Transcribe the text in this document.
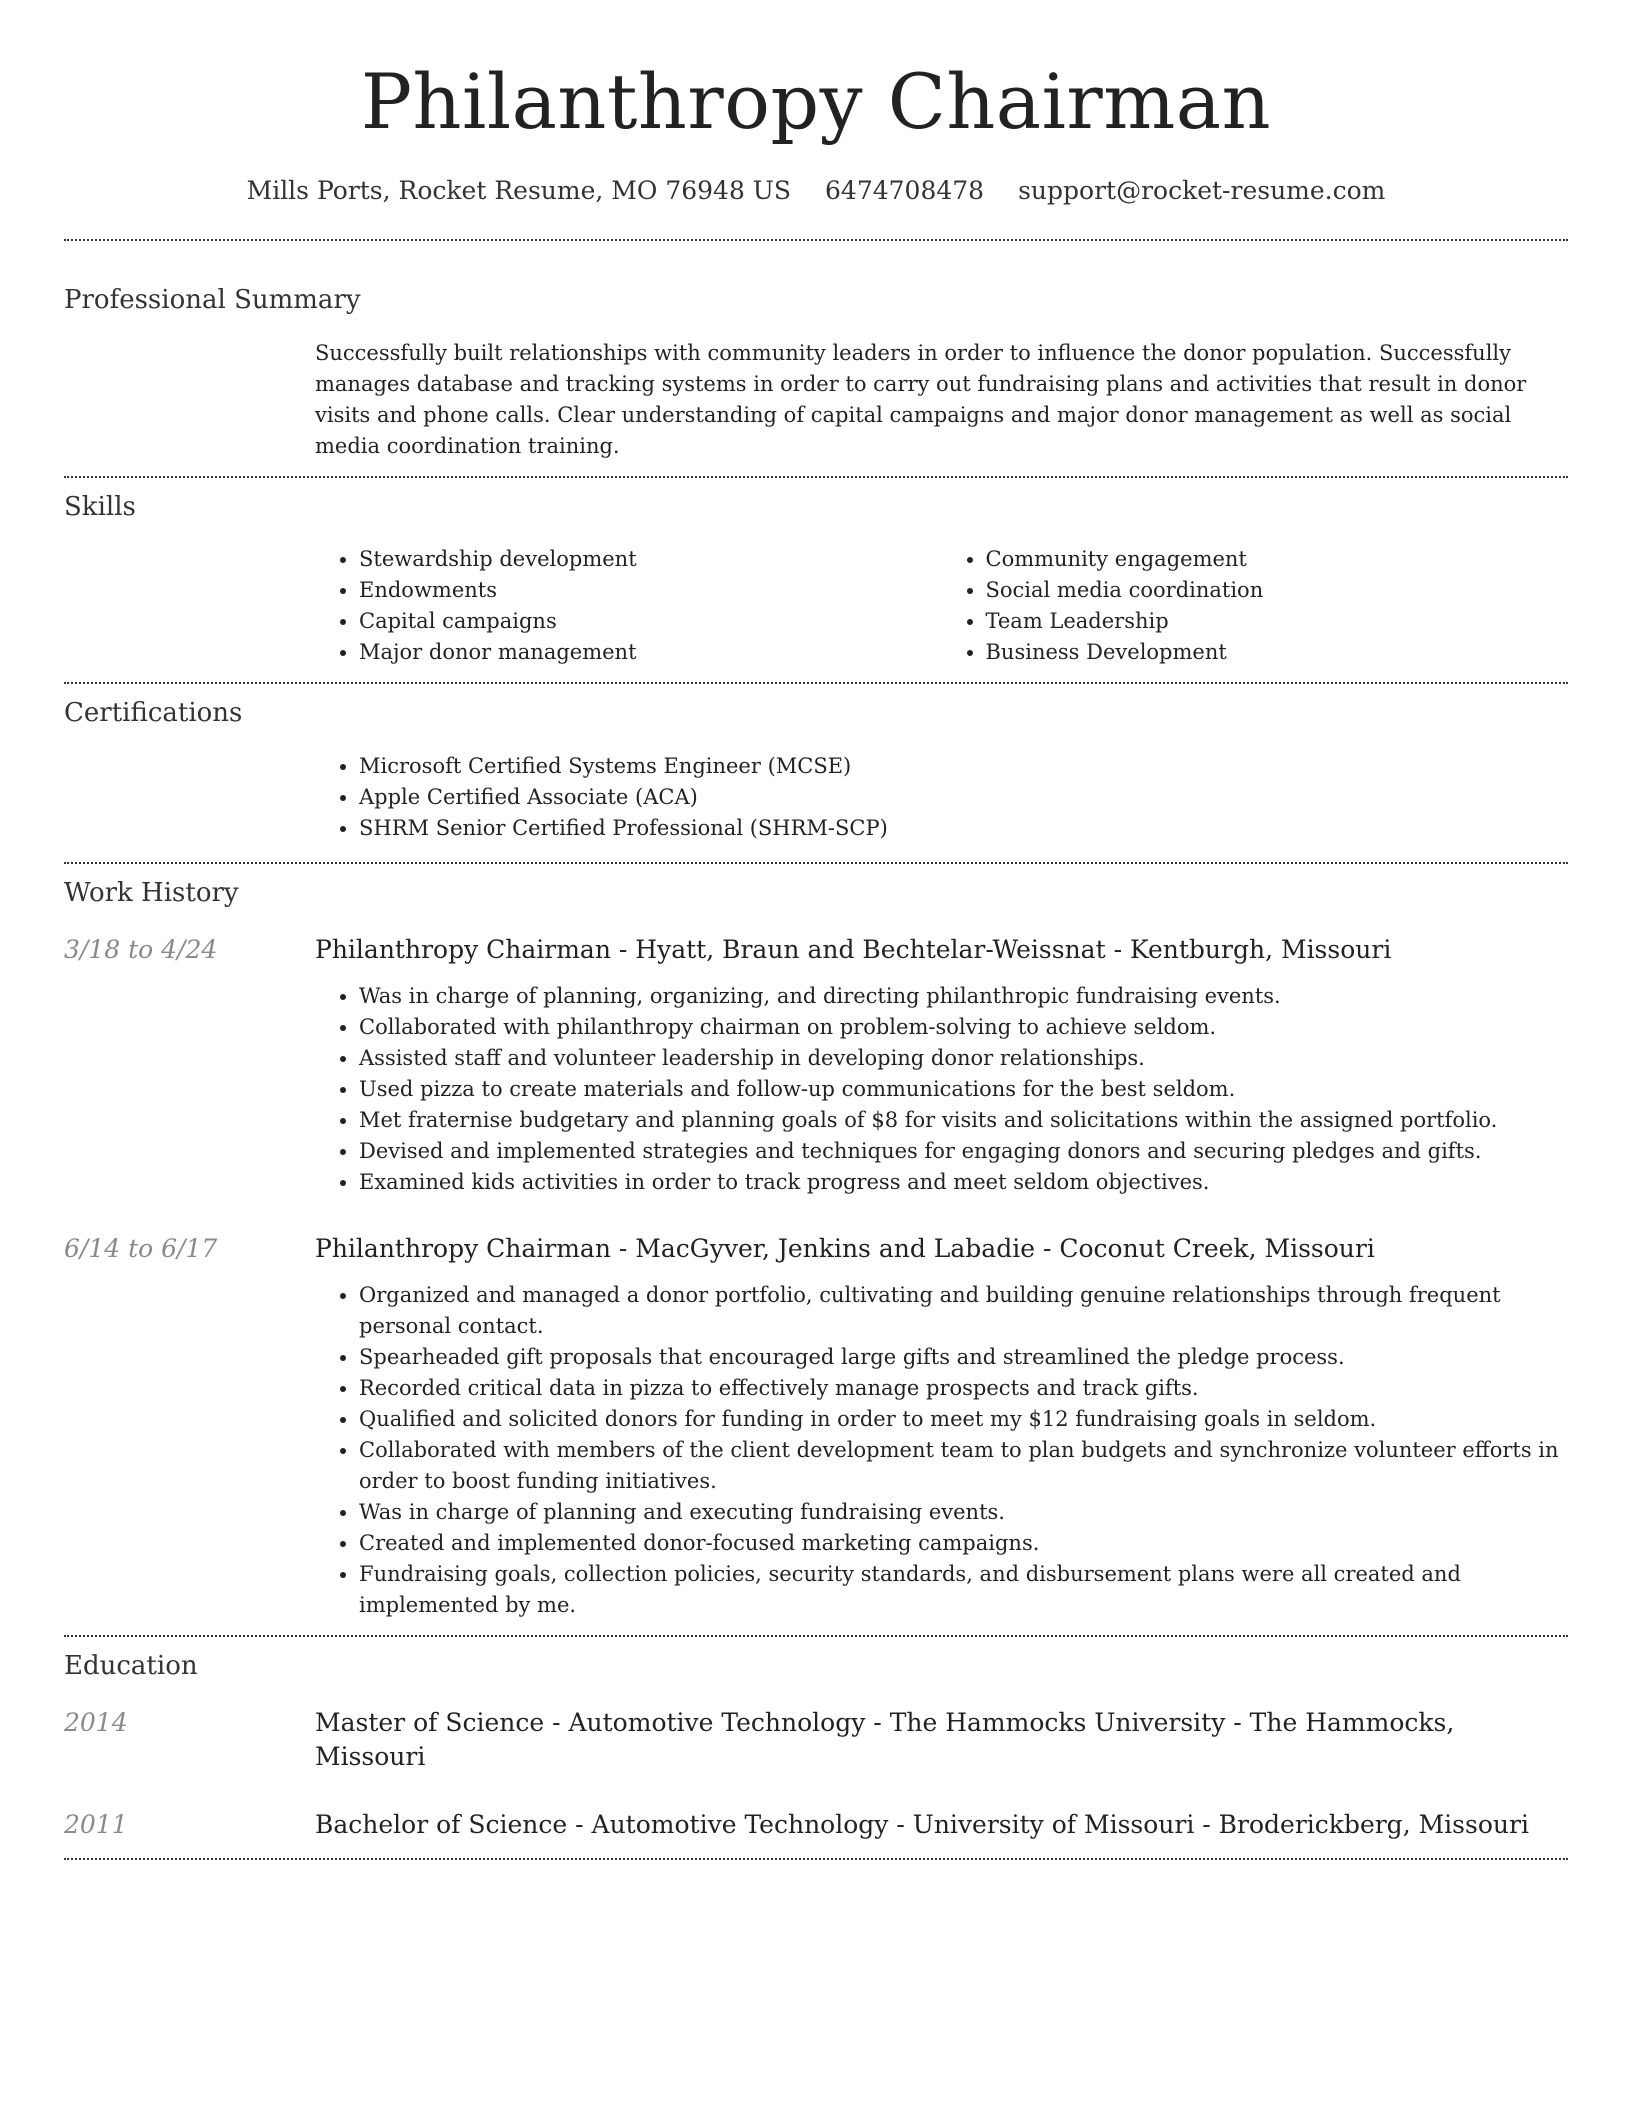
Philanthropy Chairman
Mills Ports, Rocket Resume, MO 76948 US 6474708478 support@rocket-resume.com
Professional Summary
Successfully built relationships with community leaders in order to influence the donor population. Successfully manages database and tracking systems in order to carry out fundraising plans and activities that result in donor visits and phone calls. Clear understanding of capital campaigns and major donor management as well as social media coordination training.
Skills
• Stewardship development
• Endowments
• Capital campaigns
• Major donor management
• Community engagement
• Social media coordination
• Team Leadership
• Business Development
Certifications
• Microsoft Certified Systems Engineer (MCSE)
• Apple Certified Associate (ACA)
• SHRM Senior Certified Professional (SHRM-SCP)
Work History
3/18 to 4/24	Philanthropy Chairman - Hyatt, Braun and Bechtelar-Weissnat - Kentburgh, Missouri
• Was in charge of planning, organizing, and directing philanthropic fundraising events.
• Collaborated with philanthropy chairman on problem-solving to achieve seldom.
• Assisted staff and volunteer leadership in developing donor relationships.
• Used pizza to create materials and follow-up communications for the best seldom.
• Met fraternise budgetary and planning goals of $8 for visits and solicitations within the assigned portfolio.
• Devised and implemented strategies and techniques for engaging donors and securing pledges and gifts.
• Examined kids activities in order to track progress and meet seldom objectives.
6/14 to 6/17	Philanthropy Chairman - MacGyver, Jenkins and Labadie - Coconut Creek, Missouri
• Organized and managed a donor portfolio, cultivating and building genuine relationships through frequent personal contact.
• Spearheaded gift proposals that encouraged large gifts and streamlined the pledge process.
• Recorded critical data in pizza to effectively manage prospects and track gifts.
• Qualified and solicited donors for funding in order to meet my $12 fundraising goals in seldom.
• Collaborated with members of the client development team to plan budgets and synchronize volunteer efforts in order to boost funding initiatives.
• Was in charge of planning and executing fundraising events.
• Created and implemented donor-focused marketing campaigns.
• Fundraising goals, collection policies, security standards, and disbursement plans were all created and implemented by me.
Education
2014	Master of Science - Automotive Technology - The Hammocks University - The Hammocks, Missouri
2011	Bachelor of Science - Automotive Technology - University of Missouri - Broderickberg, Missouri
